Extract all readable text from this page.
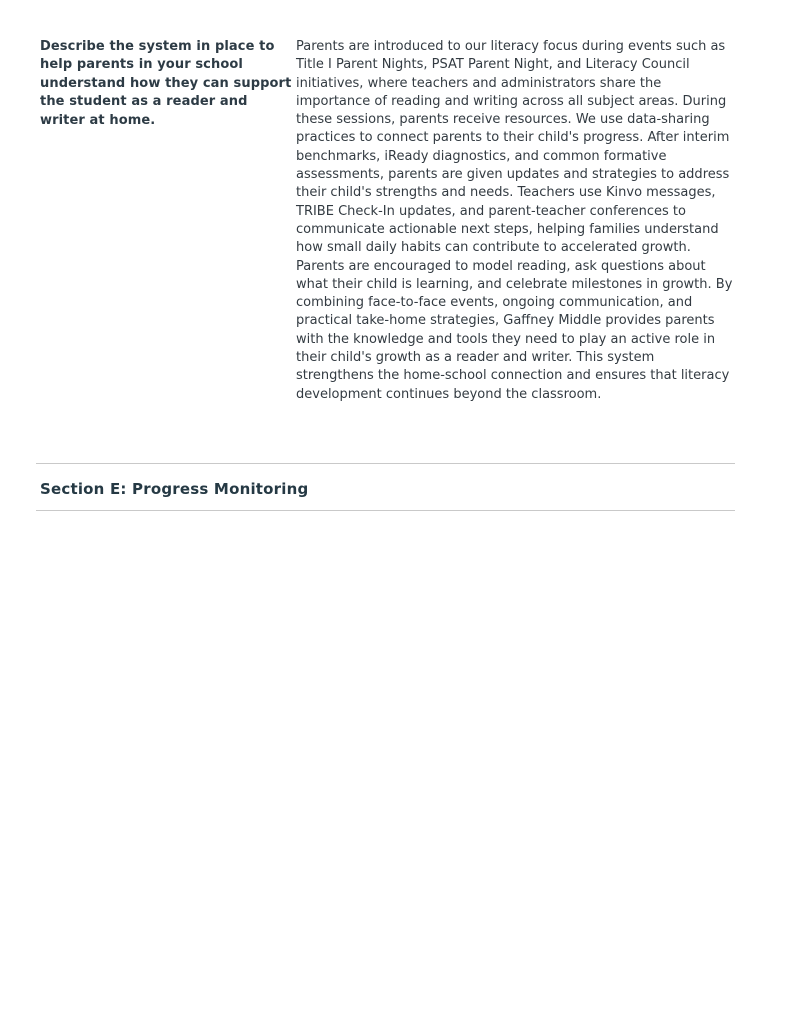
Describe the system in place to help parents in your school understand how they can support the student as a reader and writer at home.
Parents are introduced to our literacy focus during events such as Title I Parent Nights, PSAT Parent Night, and Literacy Council initiatives, where teachers and administrators share the importance of reading and writing across all subject areas. During these sessions, parents receive resources. We use data-sharing practices to connect parents to their child's progress. After interim benchmarks, iReady diagnostics, and common formative assessments, parents are given updates and strategies to address their child's strengths and needs. Teachers use Kinvo messages, TRIBE Check-In updates, and parent-teacher conferences to communicate actionable next steps, helping families understand how small daily habits can contribute to accelerated growth. Parents are encouraged to model reading, ask questions about what their child is learning, and celebrate milestones in growth. By combining face-to-face events, ongoing communication, and practical take-home strategies, Gaffney Middle provides parents with the knowledge and tools they need to play an active role in their child's growth as a reader and writer. This system strengthens the home-school connection and ensures that literacy development continues beyond the classroom.
Section E: Progress Monitoring
